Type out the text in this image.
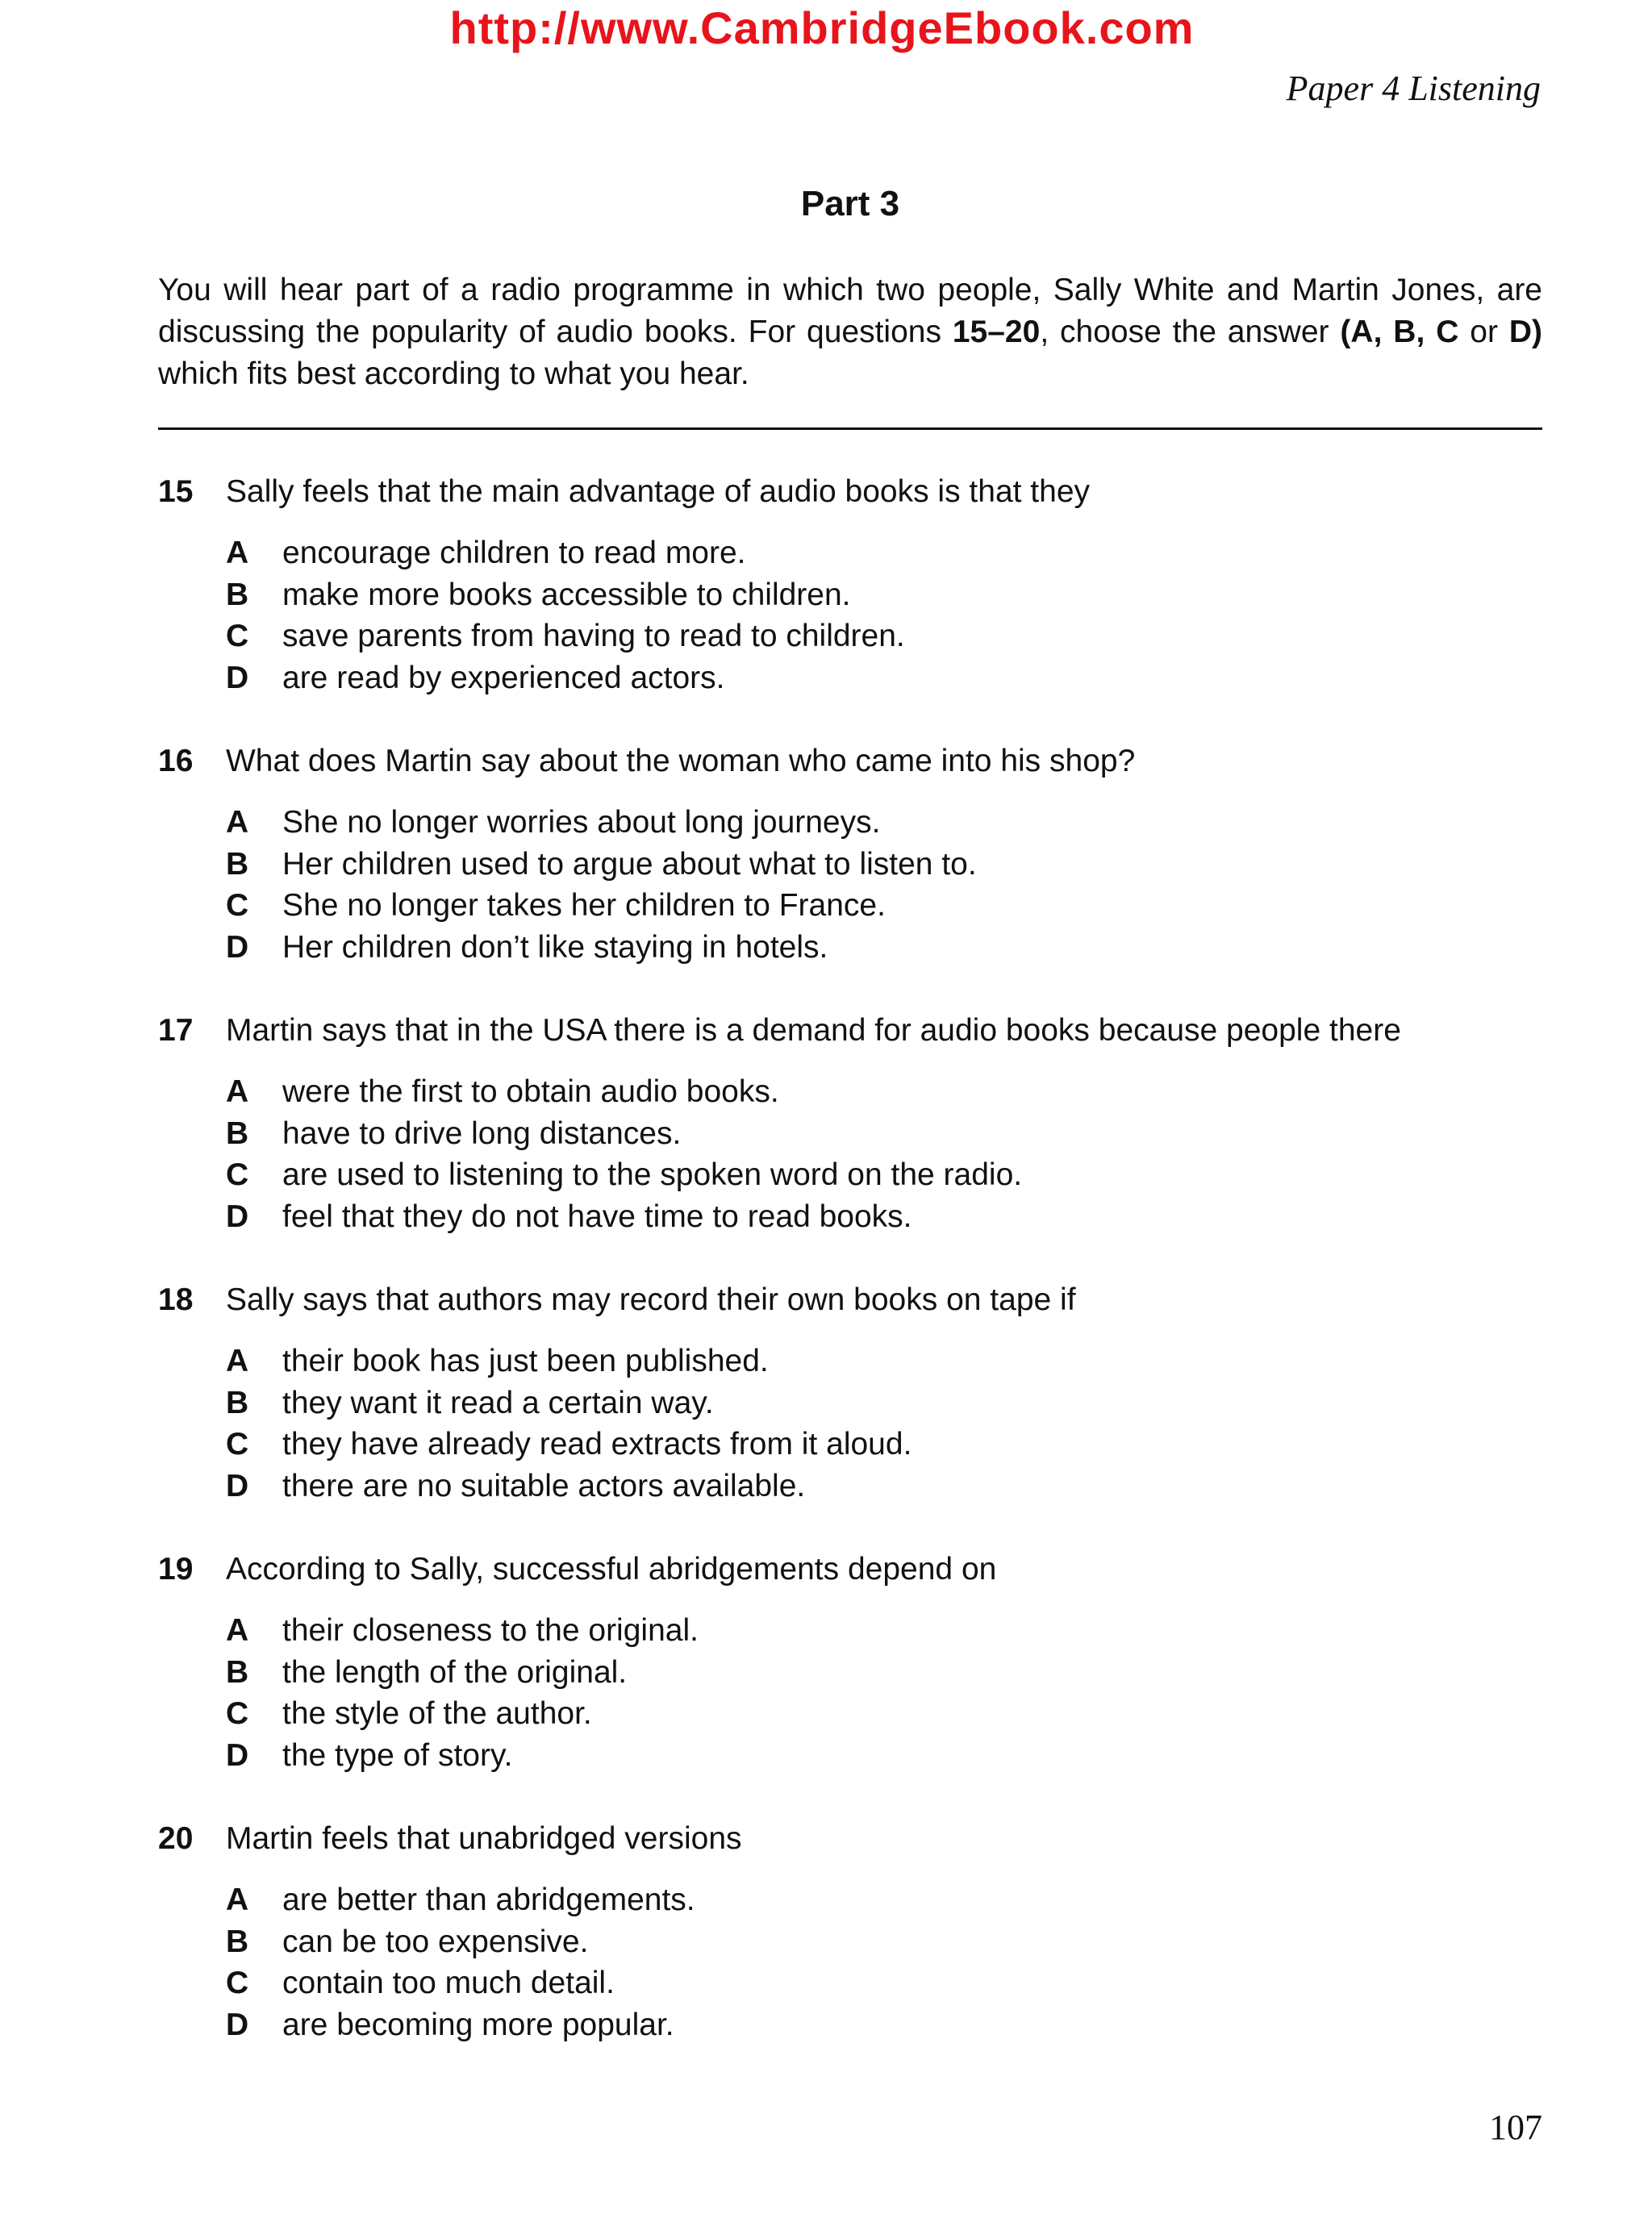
http://www.CambridgeEbook.com
Paper 4 Listening
Part 3

You will hear part of a radio programme in which two people, Sally White and Martin Jones, are discussing the popularity of audio books. For questions 15–20, choose the answer (A, B, C or D) which fits best according to what you hear.

15 Sally feels that the main advantage of audio books is that they
A encourage children to read more.
B make more books accessible to children.
C save parents from having to read to children.
D are read by experienced actors.
16 What does Martin say about the woman who came into his shop?
A She no longer worries about long journeys.
B Her children used to argue about what to listen to.
C She no longer takes her children to France.
D Her children don’t like staying in hotels.
17 Martin says that in the USA there is a demand for audio books because people there
A were the first to obtain audio books.
B have to drive long distances.
C are used to listening to the spoken word on the radio.
D feel that they do not have time to read books.
18 Sally says that authors may record their own books on tape if
A their book has just been published.
B they want it read a certain way.
C they have already read extracts from it aloud.
D there are no suitable actors available.
19 According to Sally, successful abridgements depend on
A their closeness to the original.
B the length of the original.
C the style of the author.
D the type of story.
20 Martin feels that unabridged versions
A are better than abridgements.
B can be too expensive.
C contain too much detail.
D are becoming more popular.
107
